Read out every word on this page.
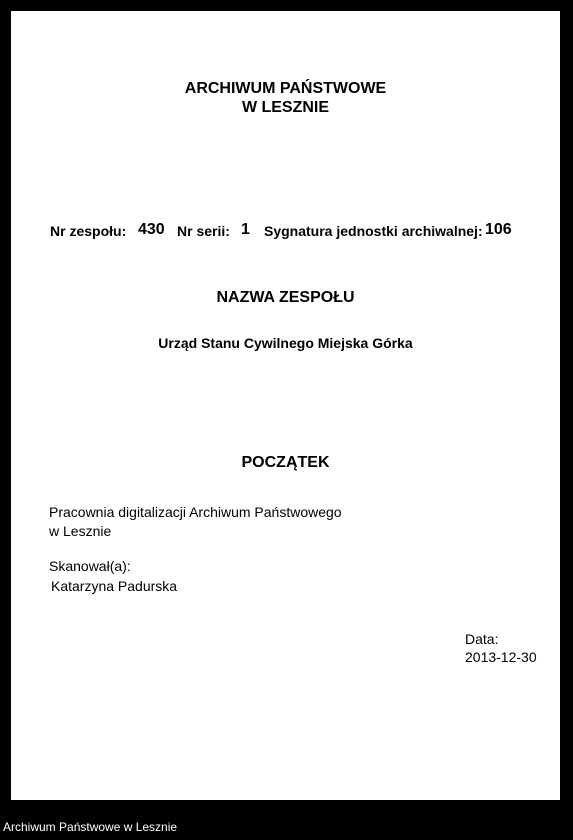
ARCHIWUM PAŃSTWOWE
W LESZNIE
Nr zespołu: 430 Nr serii: 1 Sygnatura jednostki archiwalnej: 106
NAZWA ZESPOŁU
Urząd Stanu Cywilnego Miejska Górka
POCZĄTEK
Pracownia digitalizacji Archiwum Państwowego
w Lesznie
Skanował(a):
Katarzyna Padurska
Data:
2013-12-30
Archiwum Państwowe w Lesznie
